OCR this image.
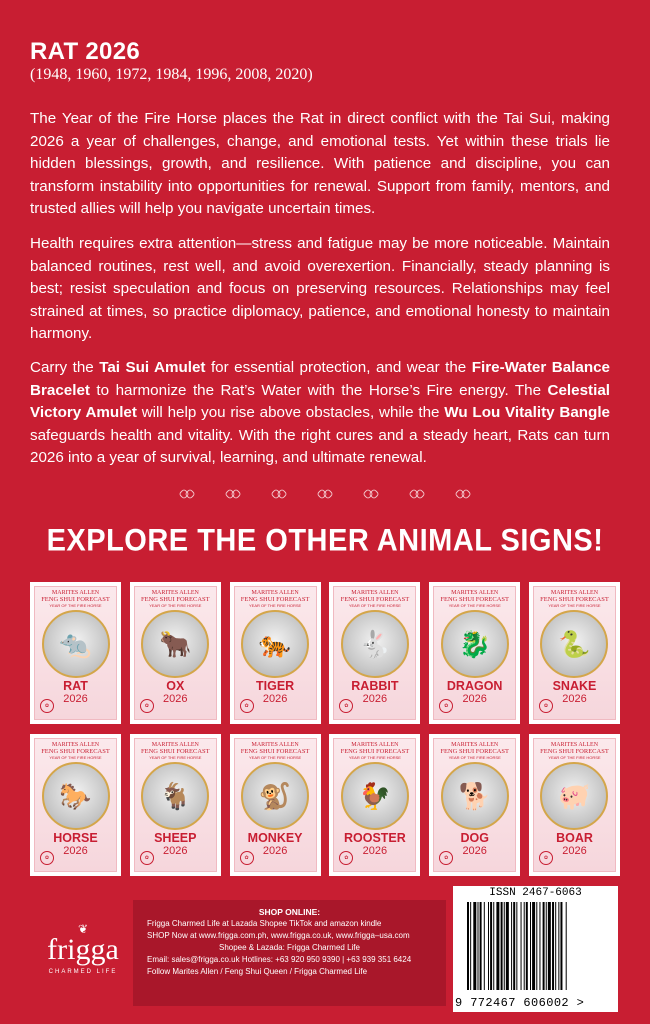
RAT 2026
(1948, 1960, 1972, 1984, 1996, 2008, 2020)
The Year of the Fire Horse places the Rat in direct conflict with the Tai Sui, making 2026 a year of challenges, change, and emotional tests. Yet within these trials lie hidden blessings, growth, and resilience. With patience and discipline, you can transform instability into opportunities for renewal. Support from family, mentors, and trusted allies will help you navigate uncertain times.
Health requires extra attention—stress and fatigue may be more noticeable. Maintain balanced routines, rest well, and avoid overexertion. Financially, steady planning is best; resist speculation and focus on preserving resources. Relationships may feel strained at times, so practice diplomacy, patience, and emotional honesty to maintain harmony.
Carry the Tai Sui Amulet for essential protection, and wear the Fire-Water Balance Bracelet to harmonize the Rat’s Water with the Horse’s Fire energy. The Celestial Victory Amulet will help you rise above obstacles, while the Wu Lou Vitality Bangle safeguards health and vitality. With the right cures and a steady heart, Rats can turn 2026 into a year of survival, learning, and ultimate renewal.
EXPLORE THE OTHER ANIMAL SIGNS!
MARITES ALLEN
FENG SHUI FORECAST
YEAR OF THE FIRE HORSE
🐀
RAT
2026
✿
MARITES ALLEN
FENG SHUI FORECAST
YEAR OF THE FIRE HORSE
🐂
OX
2026
✿
MARITES ALLEN
FENG SHUI FORECAST
YEAR OF THE FIRE HORSE
🐅
TIGER
2026
✿
MARITES ALLEN
FENG SHUI FORECAST
YEAR OF THE FIRE HORSE
🐇
RABBIT
2026
✿
MARITES ALLEN
FENG SHUI FORECAST
YEAR OF THE FIRE HORSE
🐉
DRAGON
2026
✿
MARITES ALLEN
FENG SHUI FORECAST
YEAR OF THE FIRE HORSE
🐍
SNAKE
2026
✿
MARITES ALLEN
FENG SHUI FORECAST
YEAR OF THE FIRE HORSE
🐎
HORSE
2026
✿
MARITES ALLEN
FENG SHUI FORECAST
YEAR OF THE FIRE HORSE
🐐
SHEEP
2026
✿
MARITES ALLEN
FENG SHUI FORECAST
YEAR OF THE FIRE HORSE
🐒
MONKEY
2026
✿
MARITES ALLEN
FENG SHUI FORECAST
YEAR OF THE FIRE HORSE
🐓
ROOSTER
2026
✿
MARITES ALLEN
FENG SHUI FORECAST
YEAR OF THE FIRE HORSE
🐕
DOG
2026
✿
MARITES ALLEN
FENG SHUI FORECAST
YEAR OF THE FIRE HORSE
🐖
BOAR
2026
✿
❦
frigga
CHARMED LIFE
SHOP ONLINE:
Frigga Charmed Life at Lazada Shopee TikTok and amazon kindle
SHOP Now at www.frigga.com.ph, www.frigga.co.uk, www.frigga–usa.com
Shopee & Lazada: Frigga Charmed Life
Email: sales@frigga.co.uk Hotlines: +63 920 950 9390 | +63 939 351 6424
Follow Marites Allen / Feng Shui Queen / Frigga Charmed Life
ISSN 2467-6063
9 772467 606002 >
